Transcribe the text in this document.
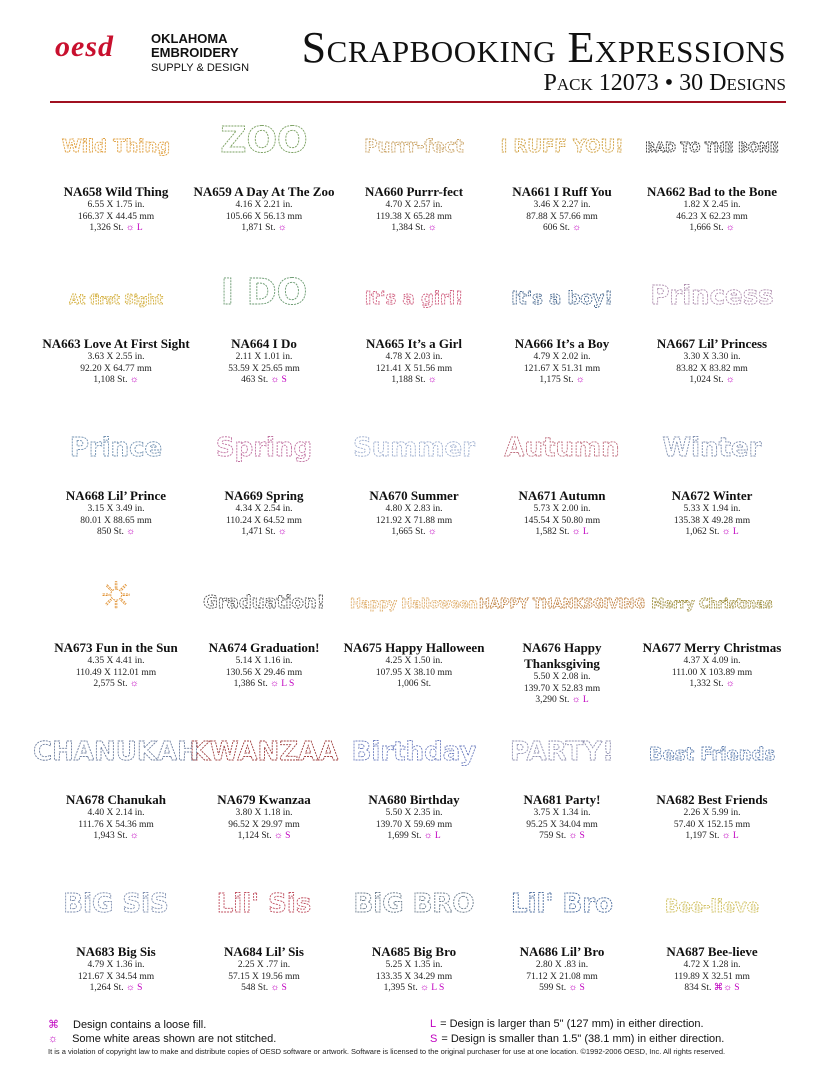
oesd	OKLAHOMA
EMBROIDERY
SUPPLY & DESIGN Scrapbooking Expressions
Pack 12073 • 30 Designs
Wild Thing
NA658 Wild Thing
6.55 X 1.75 in.
166.37 X 44.45 mm
1,326 St. ☼ L
ZOO
NA659 A Day At The Zoo
4.16 X 2.21 in.
105.66 X 56.13 mm
1,871 St. ☼
Purrr-fect
NA660 Purrr-fect
4.70 X 2.57 in.
119.38 X 65.28 mm
1,384 St. ☼
I RUFF YOU!
NA661 I Ruff You
3.46 X 2.27 in.
87.88 X 57.66 mm
606 St. ☼
BAD TO THE BONE
NA662 Bad to the Bone
1.82 X 2.45 in.
46.23 X 62.23 mm
1,666 St. ☼
At first Sight
NA663 Love At First Sight
3.63 X 2.55 in.
92.20 X 64.77 mm
1,108 St. ☼
I DO
NA664 I Do
2.11 X 1.01 in.
53.59 X 25.65 mm
463 St. ☼ S
It's a girl!
NA665 It’s a Girl
4.78 X 2.03 in.
121.41 X 51.56 mm
1,188 St. ☼
It's a boy!
NA666 It’s a Boy
4.79 X 2.02 in.
121.67 X 51.31 mm
1,175 St. ☼
Princess
NA667 Lil’ Princess
3.30 X 3.30 in.
83.82 X 83.82 mm
1,024 St. ☼
Prince
NA668 Lil’ Prince
3.15 X 3.49 in.
80.01 X 88.65 mm
850 St. ☼
Spring
NA669 Spring
4.34 X 2.54 in.
110.24 X 64.52 mm
1,471 St. ☼
Summer
NA670 Summer
4.80 X 2.83 in.
121.92 X 71.88 mm
1,665 St. ☼
Autumn
NA671 Autumn
5.73 X 2.00 in.
145.54 X 50.80 mm
1,582 St. ☼ L
Winter
NA672 Winter
5.33 X 1.94 in.
135.38 X 49.28 mm
1,062 St. ☼ L
☀
NA673 Fun in the Sun
4.35 X 4.41 in.
110.49 X 112.01 mm
2,575 St. ☼
Graduation!
NA674 Graduation!
5.14 X 1.16 in.
130.56 X 29.46 mm
1,386 St. ☼ L S
Happy Halloween
NA675 Happy Halloween
4.25 X 1.50 in.
107.95 X 38.10 mm
1,006 St.
HAPPY THANKSGIVING
NA676 Happy Thanksgiving
5.50 X 2.08 in.
139.70 X 52.83 mm
3,290 St. ☼ L
Merry Christmas
NA677 Merry Christmas
4.37 X 4.09 in.
111.00 X 103.89 mm
1,332 St. ☼
CHANUKAH
NA678 Chanukah
4.40 X 2.14 in.
111.76 X 54.36 mm
1,943 St. ☼
KWANZAA
NA679 Kwanzaa
3.80 X 1.18 in.
96.52 X 29.97 mm
1,124 St. ☼ S
Birthday
NA680 Birthday
5.50 X 2.35 in.
139.70 X 59.69 mm
1,699 St. ☼ L
PARTY!
NA681 Party!
3.75 X 1.34 in.
95.25 X 34.04 mm
759 St. ☼ S
Best Friends
NA682 Best Friends
2.26 X 5.99 in.
57.40 X 152.15 mm
1,197 St. ☼ L
BiG SiS
NA683 Big Sis
4.79 X 1.36 in.
121.67 X 34.54 mm
1,264 St. ☼ S
Lil' Sis
NA684 Lil’ Sis
2.25 X .77 in.
57.15 X 19.56 mm
548 St. ☼ S
BiG BRO
NA685 Big Bro
5.25 X 1.35 in.
133.35 X 34.29 mm
1,395 St. ☼ L S
Lil' Bro
NA686 Lil’ Bro
2.80 X .83 in.
71.12 X 21.08 mm
599 St. ☼ S
Bee-lieve
NA687 Bee-lieve
4.72 X 1.28 in.
119.89 X 32.51 mm
834 St. ⌘☼ S
⌘ Design contains a loose fill.
☼ Some white areas shown are not stitched.
L = Design is larger than 5" (127 mm) in either direction.
S = Design is smaller than 1.5" (38.1 mm) in either direction.
It is a violation of copyright law to make and distribute copies of OESD software or artwork. Software is licensed to the original purchaser for use at one location. ©1992-2006 OESD, Inc. All rights reserved.
